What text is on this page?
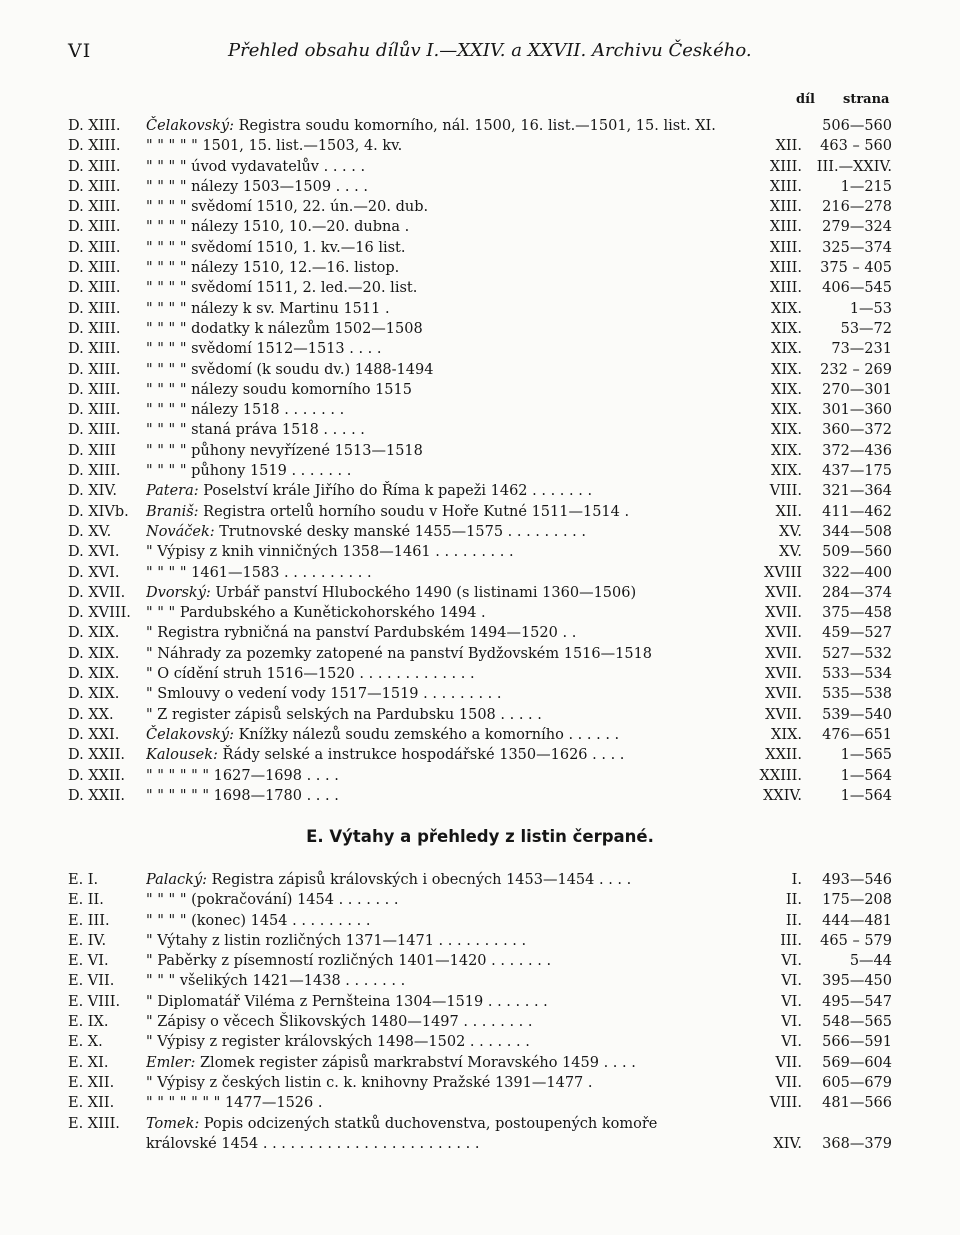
VI	Přehled obsahu dílův I.—XXIV. a XXVII. Archivu Českého.
díl strana
D. XIII. Čelakovský: Registra soudu komorního, nál. 1500, 16. list.—1501, 15. list. XI.	506—560
D. XIII. " " " " " 1501, 15. list.—1503, 4. kv.	XII. 463 – 560
D. XIII. " " " " úvod vydavatelův . . . . .	XIII. III.—XXIV.
D. XIII. " " " " nálezy 1503—1509 . . . .	XIII.	1—215
D. XIII. " " " " svědomí 1510, 22. ún.—20. dub.	XIII. 216—278
D. XIII. " " " " nálezy 1510, 10.—20. dubna .	XIII. 279—324
D. XIII. " " " " svědomí 1510, 1. kv.—16 list.	XIII. 325—374
D. XIII. " " " " nálezy 1510, 12.—16. listop.	XIII. 375 – 405
D. XIII. " " " " svědomí 1511, 2. led.—20. list.	XIII. 406—545
D. XIII. " " " " nálezy k sv. Martinu 1511 .	XIX.	1—53
D. XIII. " " " " dodatky k nálezům 1502—1508	XIX.	53—72
D. XIII. " " " " svědomí 1512—1513 . . . .	XIX. 73—231
D. XIII. " " " " svědomí (k soudu dv.) 1488-1494	XIX. 232 – 269
D. XIII. " " " " nálezy soudu komorního 1515	XIX. 270—301
D. XIII. " " " " nálezy 1518 . . . . . . .	XIX. 301—360
D. XIII. " " " " staná práva 1518 . . . . .	XIX. 360—372
D. XIII " " " " půhony nevyřízené 1513—1518	XIX. 372—436
D. XIII. " " " " půhony 1519 . . . . . . .	XIX. 437—175
D. XIV. Patera: Poselství krále Jiřího do Říma k papeži 1462 . . . . . . .	VIII. 321—364
D. XIVb. Braniš: Registra ortelů horního soudu v Hoře Kutné 1511—1514 .	XII. 411—462
D. XV. Nováček: Trutnovské desky manské 1455—1575 . . . . . . . . .	XV. 344—508
D. XVI. " Výpisy z knih vinničných 1358—1461 . . . . . . . . .	XV. 509—560
D. XVI. " " " " 1461—1583 . . . . . . . . . .	XVIII 322—400
D. XVII. Dvorský: Urbář panství Hlubockého 1490 (s listinami 1360—1506)	XVII. 284—374
D. XVIII. " " " Pardubského a Kunětickohorského 1494 .	XVII. 375—458
D. XIX. " Registra rybničná na panství Pardubském 1494—1520 . .	XVII. 459—527
D. XIX. " Náhrady za pozemky zatopené na panství Bydžovském 1516—1518	XVII. 527—532
D. XIX. " O cídění struh 1516—1520 . . . . . . . . . . . . .	XVII. 533—534
D. XIX. " Smlouvy o vedení vody 1517—1519 . . . . . . . . .	XVII. 535—538
D. XX. " Z register zápisů selských na Pardubsku 1508 . . . . .	XVII. 539—540
D. XXI. Čelakovský: Knížky nálezů soudu zemského a komorního . . . . . .	XIX. 476—651
D. XXII. Kalousek: Řády selské a instrukce hospodářské 1350—1626 . . . .	XXII.	1—565
D. XXII. " " " " " " 1627—1698 . . . .	XXIII.	1—564
D. XXII. " " " " " " 1698—1780 . . . .	XXIV.	1—564
E. Výtahy a přehledy z listin čerpané.
E. I.	Palacký: Registra zápisů královských i obecných 1453—1454 . . . .	I. 493—546
E. II.	" " " " (pokračování) 1454 . . . . . . .	II. 175—208
E. III.	" " " " (konec) 1454 . . . . . . . . .	II. 444—481
E. IV.	" Výtahy z listin rozličných 1371—1471 . . . . . . . . . .	III. 465 – 579
E. VI.	" Paběrky z písemností rozličných 1401—1420 . . . . . . .	VI.	5—44
E. VII. " " " všelikých 1421—1438 . . . . . . .	VI. 395—450
E. VIII. " Diplomatář Viléma z Pernšteina 1304—1519 . . . . . . .	VI. 495—547
E. IX.	" Zápisy o věcech Šlikovských 1480—1497 . . . . . . . .	VI. 548—565
E. X.	" Výpisy z register královských 1498—1502 . . . . . . .	VI. 566—591
E. XI.	Emler: Zlomek register zápisů markrabství Moravského 1459 . . . .	VII. 569—604
E. XII. " Výpisy z českých listin c. k. knihovny Pražské 1391—1477 .	VII. 605—679
E. XII. " " " " " " " 1477—1526 .	VIII. 481—566
E. XIII. Tomek: Popis odcizených statků duchovenstva, postoupených komoře
královské 1454 . . . . . . . . . . . . . . . . . . . . . . . .	XIV. 368—379
